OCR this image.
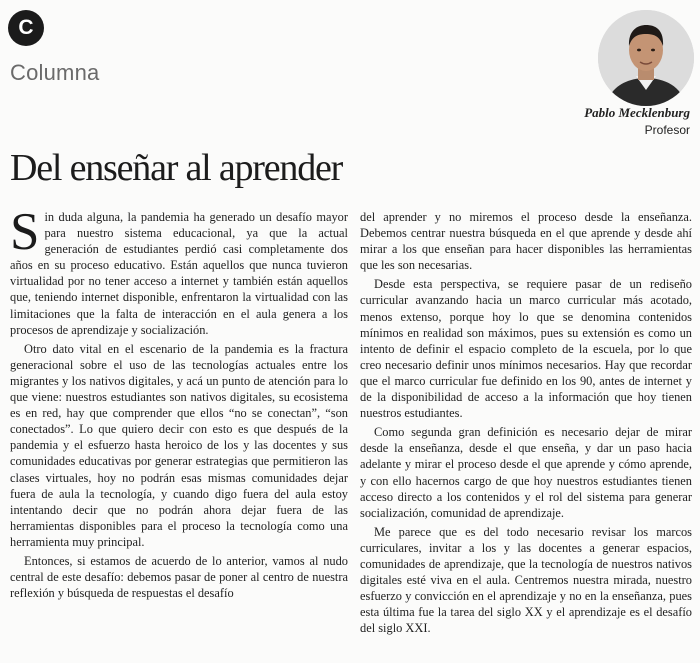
C
Columna
Pablo Mecklenburg
Profesor
Del enseñar al aprender

Sin duda alguna, la pandemia ha generado un desafío mayor para nuestro sistema educacional, ya que la actual generación de estudiantes perdió casi completamente dos años en su proceso educativo. Están aquellos que nunca tuvieron virtualidad por no tener acceso a internet y también están aquellos que, teniendo internet disponible, enfrentaron la virtualidad con las limitaciones que la falta de interacción en el aula genera a los procesos de aprendizaje y socialización.

Otro dato vital en el escenario de la pandemia es la fractura generacional sobre el uso de las tecnologías actuales entre los migrantes y los nativos digitales, y acá un punto de atención para lo que viene: nuestros estudiantes son nativos digitales, su ecosistema es en red, hay que comprender que ellos “no se conectan”, “son conectados”. Lo que quiero decir con esto es que después de la pandemia y el esfuerzo hasta heroico de los y las docentes y sus comunidades educativas por generar estrategias que permitieron las clases virtuales, hoy no podrán esas mismas comunidades dejar fuera de aula la tecnología, y cuando digo fuera del aula estoy intentando decir que no podrán ahora dejar fuera de las herramientas disponibles para el proceso la tecnología como una herramienta muy principal.

Entonces, si estamos de acuerdo de lo anterior, vamos al nudo central de este desafío: debemos pasar de poner al centro de nuestra reflexión y búsqueda de respuestas el desafío

del aprender y no miremos el proceso desde la enseñanza. Debemos centrar nuestra búsqueda en el que aprende y desde ahí mirar a los que enseñan para hacer disponibles las herramientas que les son necesarias.

Desde esta perspectiva, se requiere pasar de un rediseño curricular avanzando hacia un marco curricular más acotado, menos extenso, porque hoy lo que se denomina contenidos mínimos en realidad son máximos, pues su extensión es como un intento de definir el espacio completo de la escuela, por lo que creo necesario definir unos mínimos necesarios. Hay que recordar que el marco curricular fue definido en los 90, antes de internet y de la disponibilidad de acceso a la información que hoy tienen nuestros estudiantes.

Como segunda gran definición es necesario dejar de mirar desde la enseñanza, desde el que enseña, y dar un paso hacia adelante y mirar el proceso desde el que aprende y cómo aprende, y con ello hacernos cargo de que hoy nuestros estudiantes tienen acceso directo a los contenidos y el rol del sistema para generar socialización, comunidad de aprendizaje.

Me parece que es del todo necesario revisar los marcos curriculares, invitar a los y las docentes a generar espacios, comunidades de aprendizaje, que la tecnología de nuestros nativos digitales esté viva en el aula. Centremos nuestra mirada, nuestro esfuerzo y convicción en el aprendizaje y no en la enseñanza, pues esta última fue la tarea del siglo XX y el aprendizaje es el desafío del siglo XXI.
